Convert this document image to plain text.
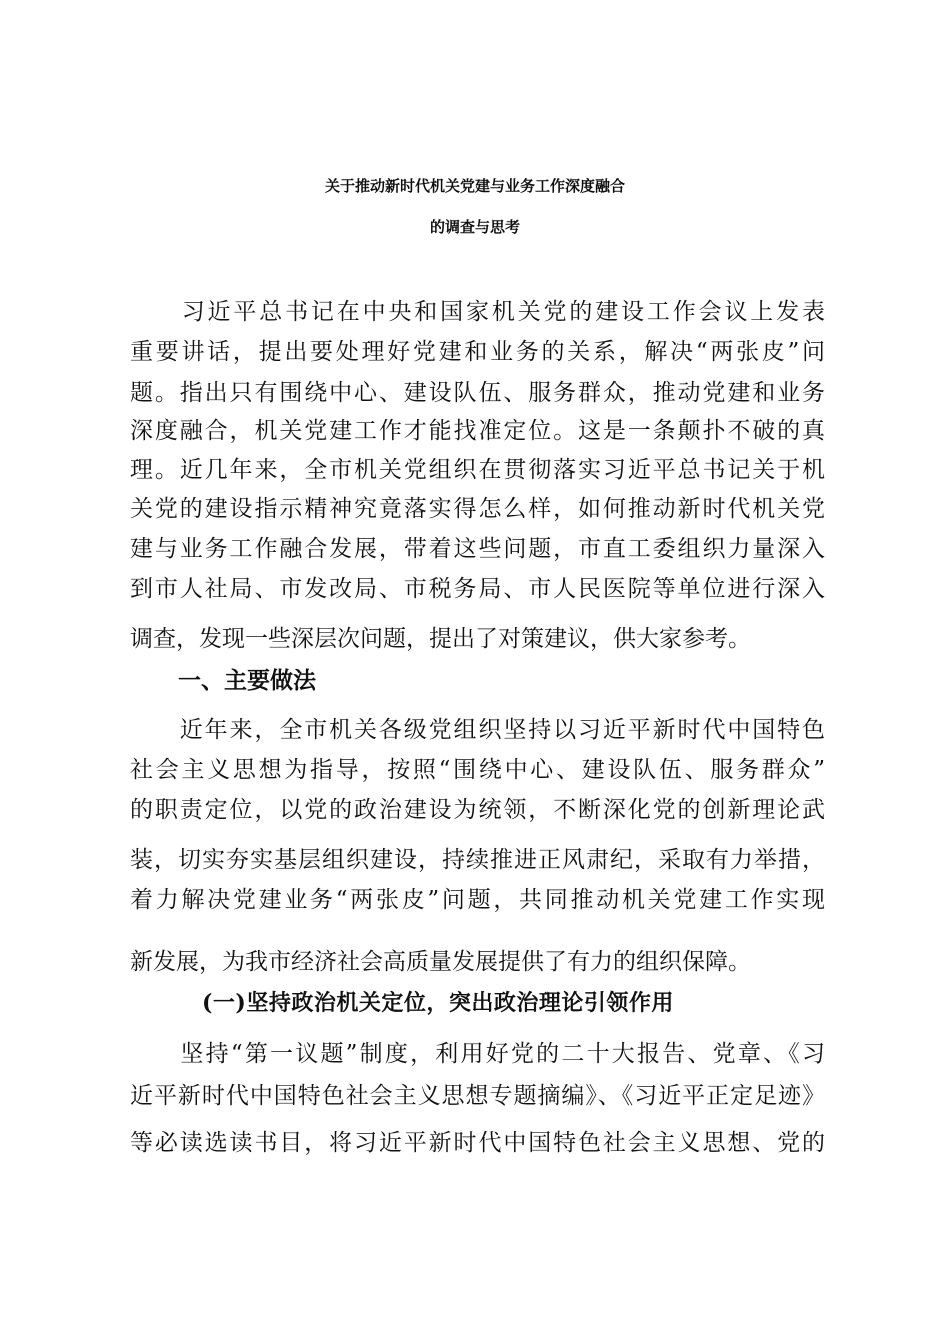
关于推动新时代机关党建与业务工作深度融合
的调查与思考
　　习近平总书记在中央和国家机关党的建设工作会议上发表
重要讲话，提出要处理好党建和业务的关系，解决“两张皮”问
题。指出只有围绕中心、建设队伍、服务群众，推动党建和业务
深度融合，机关党建工作才能找准定位。这是一条颠扑不破的真
理。近几年来，全市机关党组织在贯彻落实习近平总书记关于机
关党的建设指示精神究竟落实得怎么样，如何推动新时代机关党
建与业务工作融合发展，带着这些问题，市直工委组织力量深入
到市人社局、市发改局、市税务局、市人民医院等单位进行深入
调查，发现一些深层次问题，提出了对策建议，供大家参考。
一、主要做法
　　近年来，全市机关各级党组织坚持以习近平新时代中国特色
社会主义思想为指导，按照“围绕中心、建设队伍、服务群众”
的职责定位，以党的政治建设为统领，不断深化党的创新理论武
装，切实夯实基层组织建设，持续推进正风肃纪，采取有力举措，
着力解决党建业务“两张皮”问题，共同推动机关党建工作实现
新发展，为我市经济社会高质量发展提供了有力的组织保障。
(一)坚持政治机关定位，突出政治理论引领作用
　　坚持“第一议题”制度，利用好党的二十大报告、党章、《习
近平新时代中国特色社会主义思想专题摘编》、《习近平正定足迹》
等必读选读书目，将习近平新时代中国特色社会主义思想、党的
